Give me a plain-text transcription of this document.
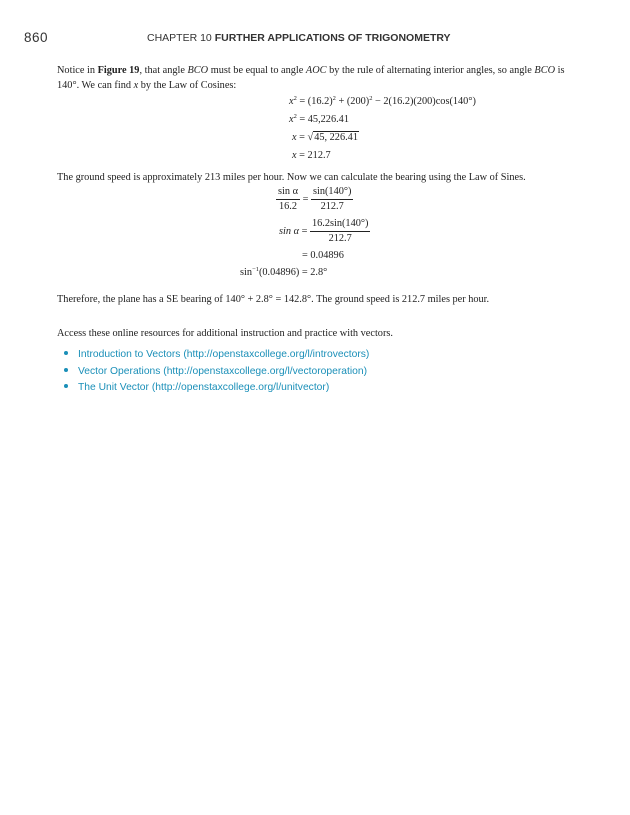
860	CHAPTER 10 FURTHER APPLICATIONS OF TRIGONOMETRY

Notice in Figure 19, that angle BCO must be equal to angle AOC by the rule of alternating interior angles, so angle BCO is 140°. We can find x by the Law of Cosines:

$x^2 = (16.2)^2 + (200)^2 - 2(16.2)(200)\cos(140^\circ)$
$x^2 = 45,226.41$
x = √45, 226.41
x = 212.7

The ground speed is approximately 213 miles per hour. Now we can calculate the bearing using the Law of Sines.

$\frac{\text{sin α}}{16.2} = \frac{\sin(140^\circ)}{212.7}$
$\sin \alpha = \frac{16.2\sin(140^\circ)}{212.7}$
= 0.04896
$\sin^{-1}(0.04896) = 2.8^\circ$

Therefore, the plane has a SE bearing of 140° + 2.8° = 142.8°. The ground speed is 212.7 miles per hour.

Access these online resources for additional instruction and practice with vectors.

Introduction to Vectors (http://openstaxcollege.org/l/introvectors)
Vector Operations (http://openstaxcollege.org/l/vectoroperation)
The Unit Vector (http://openstaxcollege.org/l/unitvector)
